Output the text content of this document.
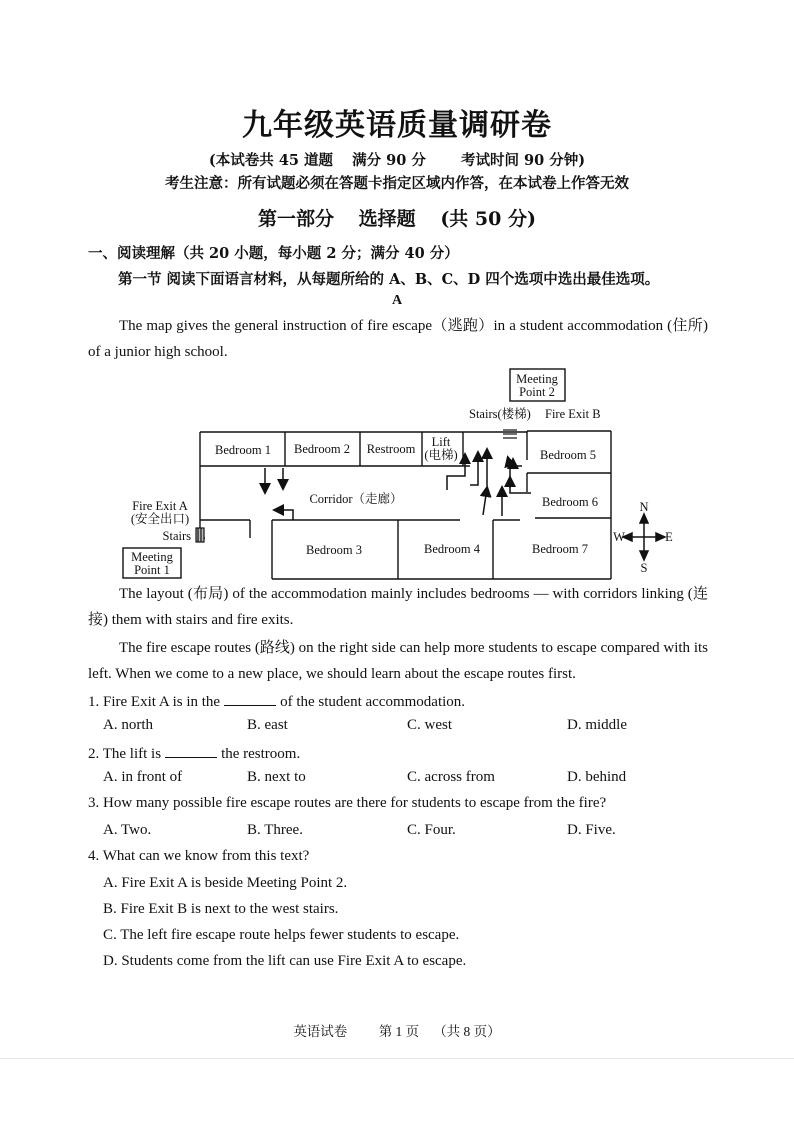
九年级英语质量调研卷
(本试卷共 45 道题 满分 90 分 考试时间 90 分钟)
考生注意：所有试题必须在答题卡指定区域内作答，在本试卷上作答无效
第一部分 选择题 (共 50 分)
一、阅读理解（共 20 小题，每小题 2 分；满分 40 分）
第一节 阅读下面语言材料，从每题所给的 A、B、C、D 四个选项中选出最佳选项。
A
The map gives the general instruction of fire escape（逃跑）in a student accommodation (住所) of a junior high school.
Meeting
Point 2
Stairs(楼梯) Fire Exit B
Bedroom 1 Bedroom 2 Restroom Lift
(电梯)	Bedroom 5
Bedroom 6
Corridor（走廊）
Fire Exit A
(安全出口)
Stairs
Meeting
Point 1
Bedroom 3	Bedroom 4	Bedroom 7
N
S
W	E
The layout (布局) of the accommodation mainly includes bedrooms — with corridors linking (连接) them with stairs and fire exits.
The fire escape routes (路线) on the right side can help more students to escape compared with its left. When we come to a new place, we should learn about the escape routes first.
1. Fire Exit A is in the	of the student accommodation.
A. north	B. east	C. west	D. middle
2. The lift is	the restroom.
A. in front of	B. next to	C. across from	D. behind
3. How many possible fire escape routes are there for students to escape from the fire?
A. Two.	B. Three.	C. Four.	D. Five.
4. What can we know from this text?
A. Fire Exit A is beside Meeting Point 2.
B. Fire Exit B is next to the west stairs.
C. The left fire escape route helps fewer students to escape.
D. Students come from the lift can use Fire Exit A to escape.
英语试卷 第 1 页 （共 8 页）
